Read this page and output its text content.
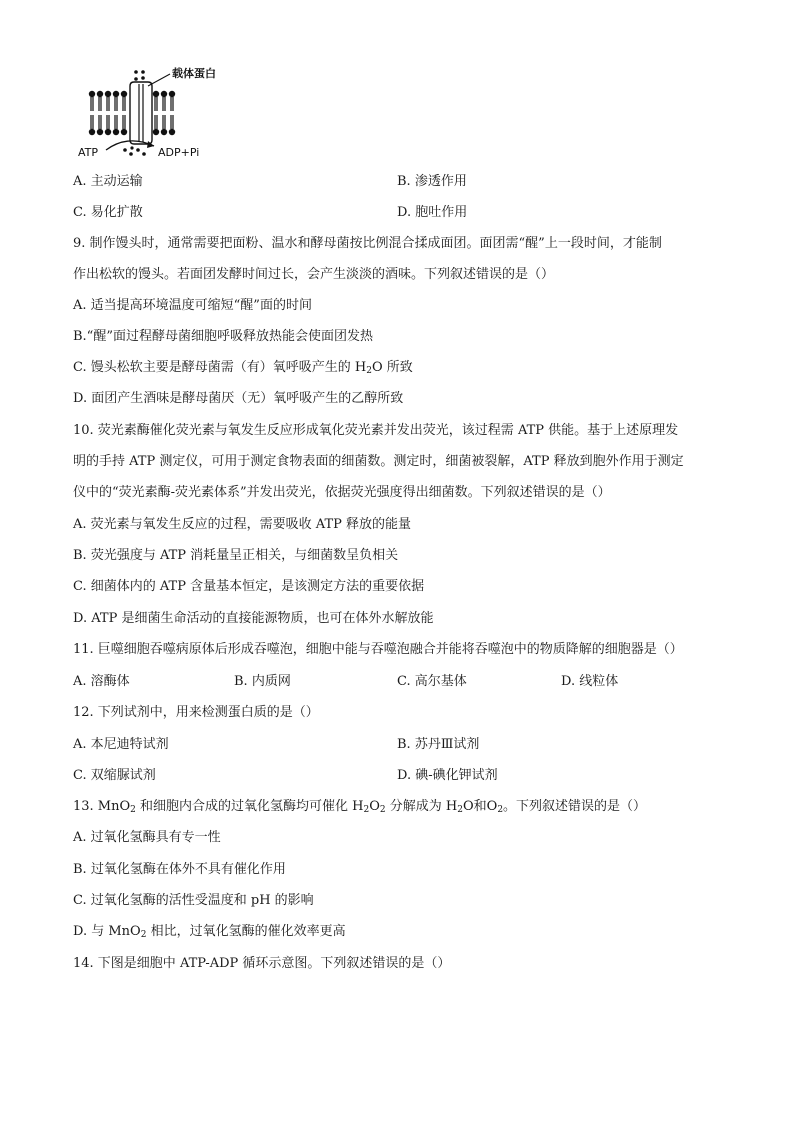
载体蛋白
ATP	ADP+Pi
A. 主动运输	B. 渗透作用
C. 易化扩散	D. 胞吐作用
9. 制作馒头时，通常需要把面粉、温水和酵母菌按比例混合揉成面团。面团需“醒”上一段时间，才能制
作出松软的馒头。若面团发酵时间过长，会产生淡淡的酒味。下列叙述错误的是（）
A. 适当提高环境温度可缩短“醒”面的时间
B.“醒”面过程酵母菌细胞呼吸释放热能会使面团发热
C. 馒头松软主要是酵母菌需（有）氧呼吸产生的 $H_2O$ 所致
D. 面团产生酒味是酵母菌厌（无）氧呼吸产生的乙醇所致
10. 荧光素酶催化荧光素与氧发生反应形成氧化荧光素并发出荧光，该过程需 ATP 供能。基于上述原理发
明的手持 ATP 测定仪，可用于测定食物表面的细菌数。测定时，细菌被裂解，ATP 释放到胞外作用于测定
仪中的“荧光素酶-荧光素体系”并发出荧光，依据荧光强度得出细菌数。下列叙述错误的是（）
A. 荧光素与氧发生反应的过程，需要吸收 ATP 释放的能量
B. 荧光强度与 ATP 消耗量呈正相关，与细菌数呈负相关
C. 细菌体内的 ATP 含量基本恒定，是该测定方法的重要依据
D. ATP 是细菌生命活动的直接能源物质，也可在体外水解放能
11. 巨噬细胞吞噬病原体后形成吞噬泡，细胞中能与吞噬泡融合并能将吞噬泡中的物质降解的细胞器是（）
A. 溶酶体	B. 内质网	C. 高尔基体	D. 线粒体
12. 下列试剂中，用来检测蛋白质的是（）
A. 本尼迪特试剂	B. 苏丹Ⅲ试剂
C. 双缩脲试剂	D. 碘-碘化钾试剂
13. MnO$_2$ 和细胞内合成的过氧化氢酶均可催化 $H_2O_2$ 分解成为 $H_2O$和$O_2$。下列叙述错误的是（）
A. 过氧化氢酶具有专一性
B. 过氧化氢酶在体外不具有催化作用
C. 过氧化氢酶的活性受温度和 pH 的影响
D. 与 MnO$_2$ 相比，过氧化氢酶的催化效率更高
14. 下图是细胞中 ATP-ADP 循环示意图。下列叙述错误的是（）
